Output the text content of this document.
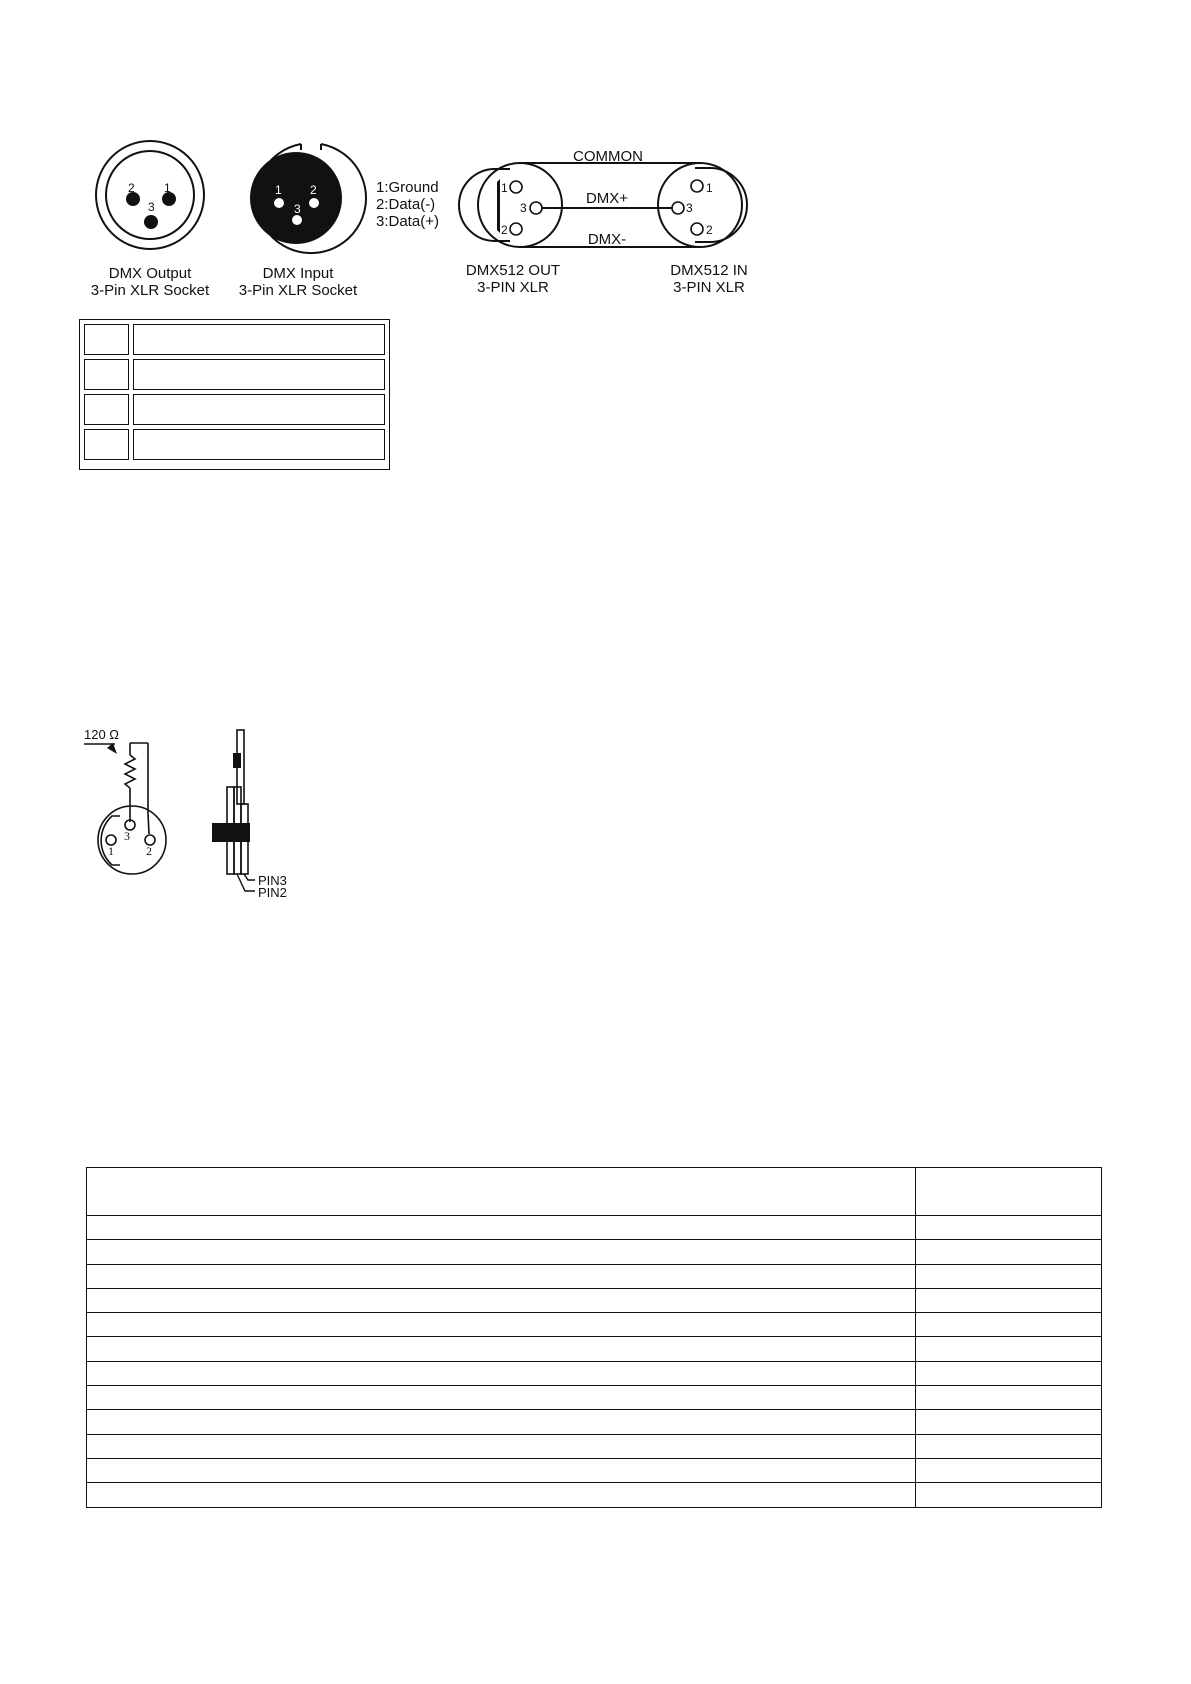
2 1
3
1 2
3
DMX Output
3-Pin XLR Socket
DMX Input
3-Pin XLR Socket
1:Ground
2:Data(-)
3:Data(+)
1
3
2
1
3
2
COMMON
DMX+
DMX-
DMX512 OUT
3-PIN XLR
DMX512 IN
3-PIN XLR
120 Ω
3
1	2
PIN3
PIN2
